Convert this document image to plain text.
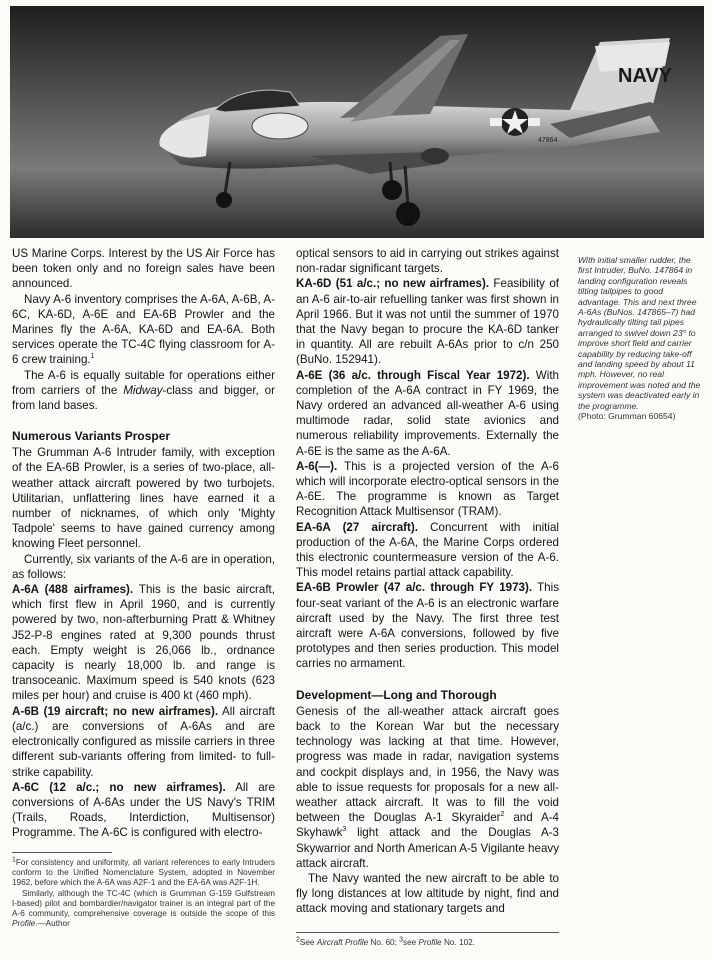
NAVY
47864
With initial smaller rudder, the first Intruder, BuNo. 147864 in landing configuration reveals tilting tailpipes to good advantage. This and next three A-6As (BuNos. 147865–7) had hydraulically tilting tail pipes arranged to swivel down 23° to improve short field and carrier capability by reducing take-off and landing speed by about 11 mph. However, no real improvement was noted and the system was deactivated early in the programme.
(Photo: Grumman 60654)

US Marine Corps. Interest by the US Air Force has been token only and no foreign sales have been announced.

Navy A-6 inventory comprises the A-6A, A-6B, A-6C, KA-6D, A-6E and EA-6B Prowler and the Marines fly the A-6A, KA-6D and EA-6A. Both services operate the TC-4C flying classroom for A-6 crew training.$^1$

The A-6 is equally suitable for operations either from carriers of the Midway-class and bigger, or from land bases.

Numerous Variants Prosper

The Grumman A-6 Intruder family, with exception of the EA-6B Prowler, is a series of two-place, all-weather attack aircraft powered by two turbojets. Utilitarian, unflattering lines have earned it a number of nicknames, of which only 'Mighty Tadpole' seems to have gained currency among knowing Fleet personnel.

Currently, six variants of the A-6 are in operation, as follows:

A-6A (488 airframes). This is the basic aircraft, which first flew in April 1960, and is currently powered by two, non-afterburning Pratt & Whitney J52-P-8 engines rated at 9,300 pounds thrust each. Empty weight is 26,066 lb., ordnance capacity is nearly 18,000 lb. and range is transoceanic. Maximum speed is 540 knots (623 miles per hour) and cruise is 400 kt (460 mph).

A-6B (19 aircraft; no new airframes). All aircraft (a/c.) are conversions of A-6As and are electronically configured as missile carriers in three different sub-variants offering from limited- to full-strike capability.

A-6C (12 a/c.; no new airframes). All are conversions of A-6As under the US Navy's TRIM (Trails, Roads, Interdiction, Multisensor) Programme. The A-6C is configured with electro-

optical sensors to aid in carrying out strikes against non-radar significant targets.

KA-6D (51 a/c.; no new airframes). Feasibility of an A-6 air-to-air refuelling tanker was first shown in April 1966. But it was not until the summer of 1970 that the Navy began to procure the KA-6D tanker in quantity. All are rebuilt A-6As prior to c/n 250 (BuNo. 152941).

A-6E (36 a/c. through Fiscal Year 1972). With completion of the A-6A contract in FY 1969, the Navy ordered an advanced all-weather A-6 using multimode radar, solid state avionics and numerous reliability improvements. Externally the A-6E is the same as the A-6A.

A-6(—). This is a projected version of the A-6 which will incorporate electro-optical sensors in the A-6E. The programme is known as Target Recognition Attack Multisensor (TRAM).

EA-6A (27 aircraft). Concurrent with initial production of the A-6A, the Marine Corps ordered this electronic countermeasure version of the A-6. This model retains partial attack capability.

EA-6B Prowler (47 a/c. through FY 1973). This four-seat variant of the A-6 is an electronic warfare aircraft used by the Navy. The first three test aircraft were A-6A conversions, followed by five prototypes and then series production. This model carries no armament.

Development—Long and Thorough

Genesis of the all-weather attack aircraft goes back to the Korean War but the necessary technology was lacking at that time. However, progress was made in radar, navigation systems and cockpit displays and, in 1956, the Navy was able to issue requests for proposals for a new all-weather attack aircraft. It was to fill the void between the Douglas A-1 Skyraider$^2$ and A-4 Skyhawk$^3$ light attack and the Douglas A-3 Skywarrior and North American A-5 Vigilante heavy attack aircraft.

The Navy wanted the new aircraft to be able to fly long distances at low altitude by night, find and attack moving and stationary targets and

$^1$For consistency and uniformity, all variant references to early Intruders conform to the Unified Nomenclature System, adopted in November 1962, before which the A-6A was A2F-1 and the EA-6A was A2F-1H.

Similarly, although the TC-4C (which is Grumman G-159 Gulfstream I-based) pilot and bombardier/navigator trainer is an integral part of the A-6 community, comprehensive coverage is outside the scope of this Profile.—Author

$^2$See Aircraft Profile No. 60; $^3$see Profile No. 102.
